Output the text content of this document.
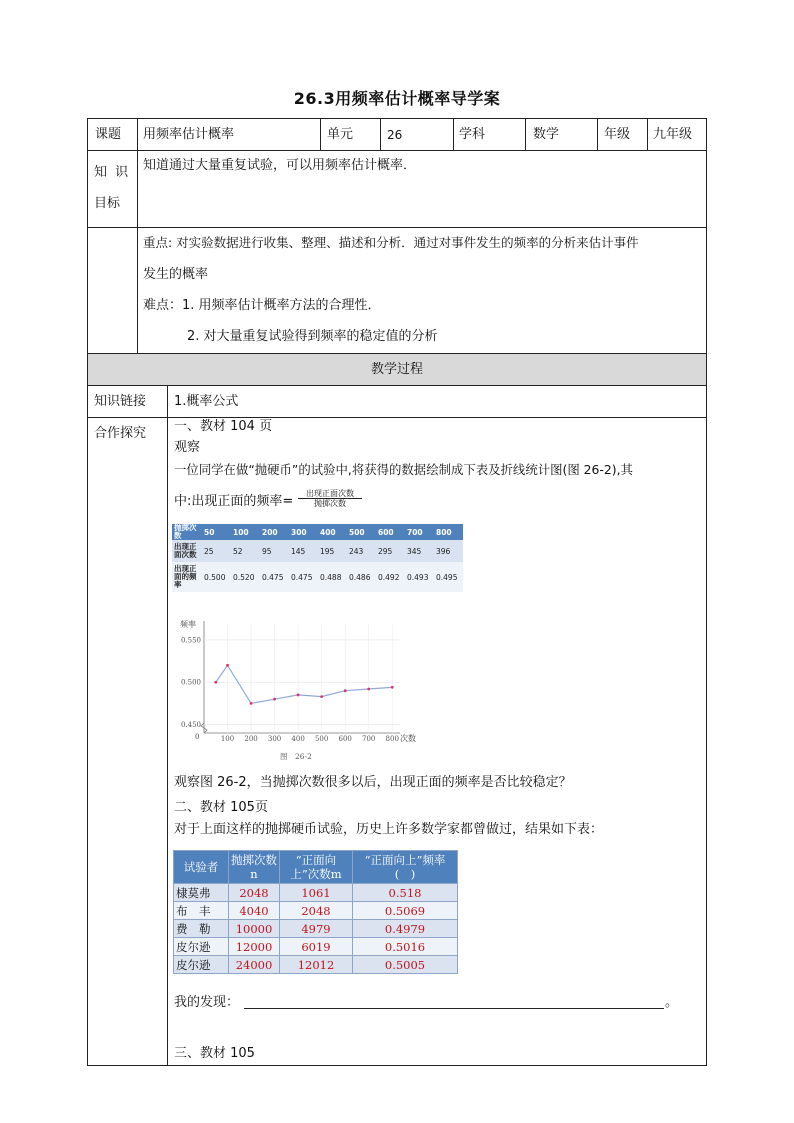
26.3用频率估计概率导学案
课题 用频率估计概率	单元	26	学科	数学	年级 九年级
知 识
目标
知道通过大量重复试验，可以用频率估计概率．
重点: 对实验数据进行收集、整理、描述和分析．通过对事件发生的频率的分析来估计事件
发生的概率
难点：1. 用频率估计概率方法的合理性．
2. 对大量重复试验得到频率的稳定值的分析
教学过程
知识链接 1.概率公式
合作探究 一、教材 104 页
观察
一位同学在做“抛硬币”的试验中,将获得的数据绘制成下表及折线统计图(图 26-2),其
中:出现正面的频率=
出现正面次数
抛掷次数
抛掷次数	50	100	200	300	400	500	600	700	800
出现正面次数	25	52	95	145	195	243	295	345	396
出现正面的频率	0.500	0.520	0.475	0.475	0.488	0.486	0.492	0.493	0.495
0.550
0.500
0.450
100 200 300 400 500 600 700 800
频率
次数
0
图　26-2
观察图 26-2，当抛掷次数很多以后，出现正面的频率是否比较稳定？
二、教材 105页
对于上面这样的抛掷硬币试验，历史上许多数学家都曾做过，结果如下表：
试验者	抛掷次数n	“正面向上”次数m	“正面向上”频率(　)
棣莫弗	2048	1061	0.518
布　丰	4040	2048	0.5069
费　勒	10000	4979	0.4979
皮尔逊	12000	6019	0.5016
皮尔逊	24000	12012	0.5005
我的发现：	。
三、教材 105
